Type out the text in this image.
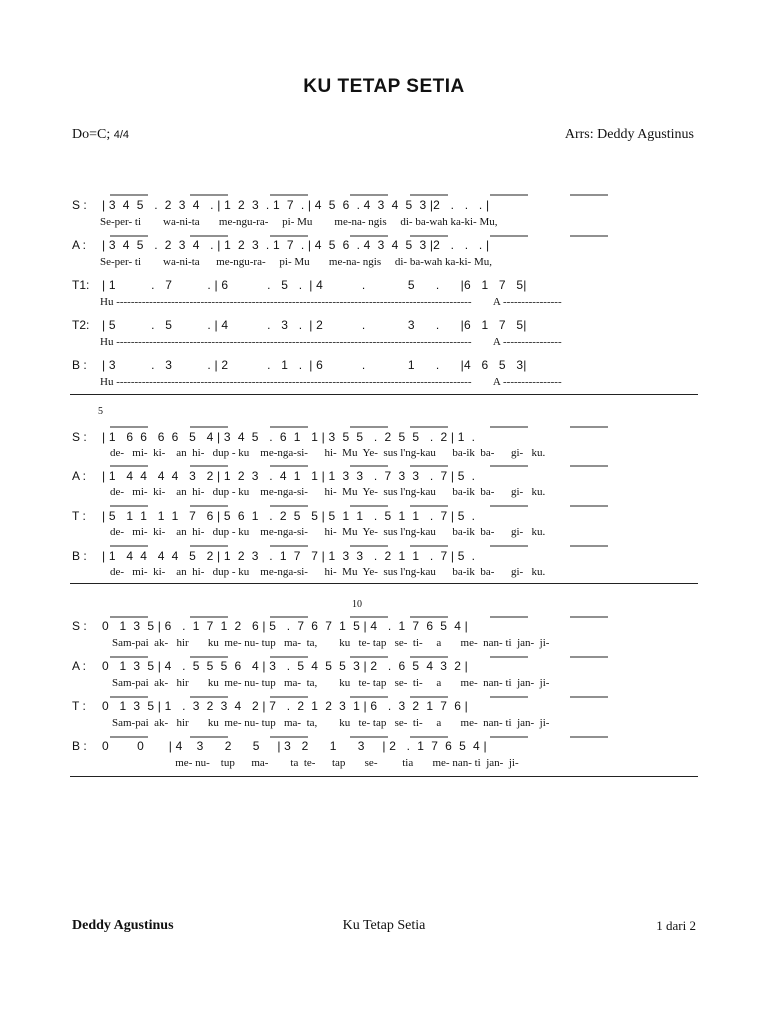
KU TETAP SETIA
Do=C; 4/4	Arrs: Deddy Agustinus
S :	| 3  4  5   .  2  3  4   . | 1  2  3  . 1  7  . | 4  5  6  . 4  3  4  5  3 |2   .   .   . |
Se-per- ti        wa-ni-ta       me-ngu-ra-     pi- Mu        me-na- ngis     di- ba-wah ka-ki- Mu,
A :	| 3  4  5   .  2  3  4   . | 1  2  3  . 1  7  . | 4  5  6  . 4  3  4  5  3 |2   .   .   . |
Se-per- ti        wa-ni-ta      me-ngu-ra-     pi- Mu       me-na- ngis     di- ba-wah ka-ki- Mu,
T1:	| 1          .   7          . | 6           .   5   .  | 4           .            5      .      |6   1   7   5|
Hu -------------------------------------------------------------------------------------------------        A ----------------
T2:	| 5          .   5          . | 4           .   3   .  | 2           .            3      .      |6   1   7   5|
Hu -------------------------------------------------------------------------------------------------        A ----------------
B :	| 3          .   3          . | 2           .   1   .  | 6           .            1      .      |4   6   5   3|
Hu -------------------------------------------------------------------------------------------------        A ----------------
5
S :	| 1   6  6   6  6   5   4 | 3  4  5   .  6  1   1 | 3  5  5   .  2  5  5   .  2 | 1  .
de-   mi-  ki-    an  hi-   dup - ku    me-nga-si-      hi-  Mu  Ye-  sus l'ng-kau      ba-ik  ba-      gi-   ku.
A :	| 1   4  4   4  4   3   2 | 1  2  3   .  4  1   1 | 1  3  3   .  7  3  3   .  7 | 5  .
de-   mi-  ki-    an  hi-   dup - ku    me-nga-si-      hi-  Mu  Ye-  sus l'ng-kau      ba-ik  ba-      gi-   ku.
T :	| 5   1  1   1  1   7   6 | 5  6  1   .  2  5   5 | 5  1  1   .  5  1  1   .  7 | 5  .
de-   mi-  ki-    an  hi-   dup - ku    me-nga-si-      hi-  Mu  Ye-  sus l'ng-kau      ba-ik  ba-      gi-   ku.
B :	| 1   4  4   4  4   5   2 | 1  2  3   .  1  7   7 | 1  3  3   .  2  1  1   .  7 | 5  .
de-   mi-  ki-    an  hi-   dup - ku    me-nga-si-      hi-  Mu  Ye-  sus l'ng-kau      ba-ik  ba-      gi-   ku.
10
S :	0   1  3  5 | 6   .  1  7  1  2   6 | 5   .  7  6  7  1  5 | 4   .  1  7  6  5  4 |
Sam-pai  ak-   hir       ku  me- nu- tup   ma-  ta,        ku   te- tap   se-  ti-     a       me-  nan- ti  jan-  ji-
A :	0   1  3  5 | 4   .  5  5  5  6   4 | 3   .  5  4  5  5  3 | 2   .  6  5  4  3  2 |
Sam-pai  ak-   hir       ku  me- nu- tup   ma-  ta,        ku   te- tap   se-  ti-     a       me-  nan- ti  jan-  ji-
T :	0   1  3  5 | 1   .  3  2  3  4   2 | 7   .  2  1  2  3  1 | 6   .  3  2  1  7  6 |
Sam-pai  ak-   hir       ku  me- nu- tup   ma-  ta,        ku   te- tap   se-  ti-     a       me-  nan- ti  jan-  ji-
B :	0        0       | 4    3      2      5     | 3   2      1      3     | 2   .  1  7  6  5  4 |
me- nu-    tup      ma-        ta  te-      tap       se-         tia       me- nan- ti  jan-  ji-
Deddy Agustinus	Ku Tetap Setia	1 dari 2
